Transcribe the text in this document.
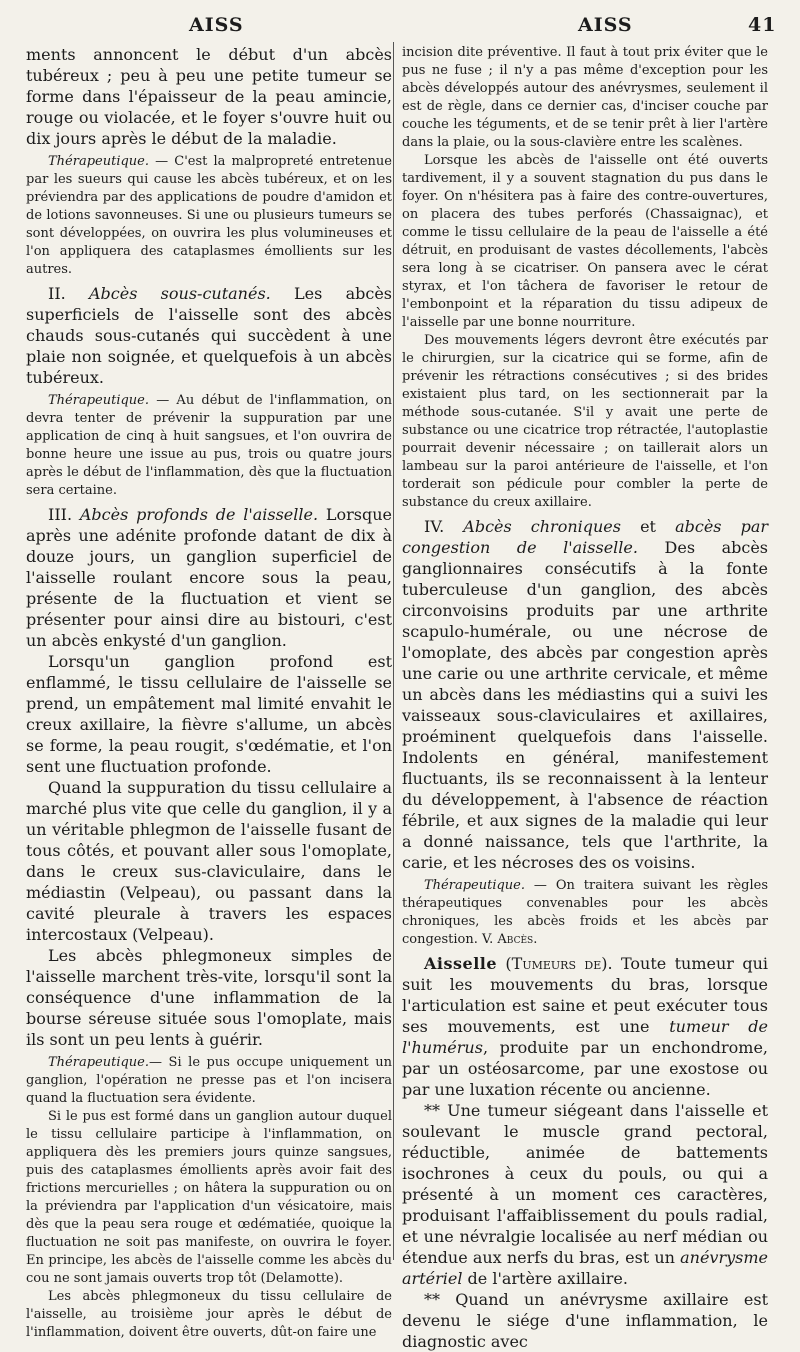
AISS	AISS	41

ments annoncent le début d'un abcès tubéreux ; peu à peu une petite tumeur se forme dans l'épaisseur de la peau amincie, rouge ou violacée, et le foyer s'ouvre huit ou dix jours après le début de la maladie.

Thérapeutique. — C'est la malpropreté entretenue par les sueurs qui cause les abcès tubéreux, et on les préviendra par des applications de poudre d'amidon et de lotions savonneuses. Si une ou plusieurs tumeurs se sont développées, on ouvrira les plus volumineuses et l'on appliquera des cataplasmes émollients sur les autres.

II. Abcès sous-cutanés. Les abcès superficiels de l'aisselle sont des abcès chauds sous-cutanés qui succèdent à une plaie non soignée, et quelquefois à un abcès tubéreux.

Thérapeutique. — Au début de l'inflammation, on devra tenter de prévenir la suppuration par une application de cinq à huit sangsues, et l'on ouvrira de bonne heure une issue au pus, trois ou quatre jours après le début de l'inflammation, dès que la fluctuation sera certaine.

III. Abcès profonds de l'aisselle. Lorsque après une adénite profonde datant de dix à douze jours, un ganglion superficiel de l'aisselle roulant encore sous la peau, présente de la fluctuation et vient se présenter pour ainsi dire au bistouri, c'est un abcès enkysté d'un ganglion.

Lorsqu'un ganglion profond est enflammé, le tissu cellulaire de l'aisselle se prend, un empâtement mal limité envahit le creux axillaire, la fièvre s'allume, un abcès se forme, la peau rougit, s'œdématie, et l'on sent une fluctuation profonde.

Quand la suppuration du tissu cellulaire a marché plus vite que celle du ganglion, il y a un véritable phlegmon de l'aisselle fusant de tous côtés, et pouvant aller sous l'omoplate, dans le creux sus-claviculaire, dans le médiastin (Velpeau), ou passant dans la cavité pleurale à travers les espaces intercostaux (Velpeau).

Les abcès phlegmoneux simples de l'aisselle marchent très-vite, lorsqu'il sont la conséquence d'une inflammation de la bourse séreuse située sous l'omoplate, mais ils sont un peu lents à guérir.

Thérapeutique.— Si le pus occupe uniquement un ganglion, l'opération ne presse pas et l'on incisera quand la fluctuation sera évidente.

Si le pus est formé dans un ganglion autour duquel le tissu cellulaire participe à l'inflammation, on appliquera dès les premiers jours quinze sangsues, puis des cataplasmes émollients après avoir fait des frictions mercurielles ; on hâtera la suppuration ou on la préviendra par l'application d'un vésicatoire, mais dès que la peau sera rouge et œdématiée, quoique la fluctuation ne soit pas manifeste, on ouvrira le foyer. En principe, les abcès de l'aisselle comme les abcès du cou ne sont jamais ouverts trop tôt (Delamotte).

Les abcès phlegmoneux du tissu cellulaire de l'aisselle, au troisième jour après le début de l'inflammation, doivent être ouverts, dût-on faire une

incision dite préventive. Il faut à tout prix éviter que le pus ne fuse ; il n'y a pas même d'exception pour les abcès développés autour des anévrysmes, seulement il est de règle, dans ce dernier cas, d'inciser couche par couche les téguments, et de se tenir prêt à lier l'artère dans la plaie, ou la sous-clavière entre les scalènes.

Lorsque les abcès de l'aisselle ont été ouverts tardivement, il y a souvent stagnation du pus dans le foyer. On n'hésitera pas à faire des contre-ouvertures, on placera des tubes perforés (Chassaignac), et comme le tissu cellulaire de la peau de l'aisselle a été détruit, en produisant de vastes décollements, l'abcès sera long à se cicatriser. On pansera avec le cérat styrax, et l'on tâchera de favoriser le retour de l'embonpoint et la réparation du tissu adipeux de l'aisselle par une bonne nourriture.

Des mouvements légers devront être exécutés par le chirurgien, sur la cicatrice qui se forme, afin de prévenir les rétractions consécutives ; si des brides existaient plus tard, on les sectionnerait par la méthode sous-cutanée. S'il y avait une perte de substance ou une cicatrice trop rétractée, l'autoplastie pourrait devenir nécessaire ; on taillerait alors un lambeau sur la paroi antérieure de l'aisselle, et l'on torderait son pédicule pour combler la perte de substance du creux axillaire.

IV. Abcès chroniques et abcès par congestion de l'aisselle. Des abcès ganglionnaires consécutifs à la fonte tuberculeuse d'un ganglion, des abcès circonvoisins produits par une arthrite scapulo-humérale, ou une nécrose de l'omoplate, des abcès par congestion après une carie ou une arthrite cervicale, et même un abcès dans les médiastins qui a suivi les vaisseaux sous-claviculaires et axillaires, proéminent quelquefois dans l'aisselle. Indolents en général, manifestement fluctuants, ils se reconnaissent à la lenteur du développement, à l'absence de réaction fébrile, et aux signes de la maladie qui leur a donné naissance, tels que l'arthrite, la carie, et les nécroses des os voisins.

Thérapeutique. — On traitera suivant les règles thérapeutiques convenables pour les abcès chroniques, les abcès froids et les abcès par congestion. V. Abcès.

Aisselle (Tumeurs de). Toute tumeur qui suit les mouvements du bras, lorsque l'articulation est saine et peut exécuter tous ses mouvements, est une tumeur de l'humérus, produite par un enchondrome, par un ostéosarcome, par une exostose ou par une luxation récente ou ancienne.

** Une tumeur siégeant dans l'aisselle et soulevant le muscle grand pectoral, réductible, animée de battements isochrones à ceux du pouls, ou qui a présenté à un moment ces caractères, produisant l'affaiblissement du pouls radial, et une névralgie localisée au nerf médian ou étendue aux nerfs du bras, est un anévrysme artériel de l'artère axillaire.

** Quand un anévrysme axillaire est devenu le siége d'une inflammation, le diagnostic avec
